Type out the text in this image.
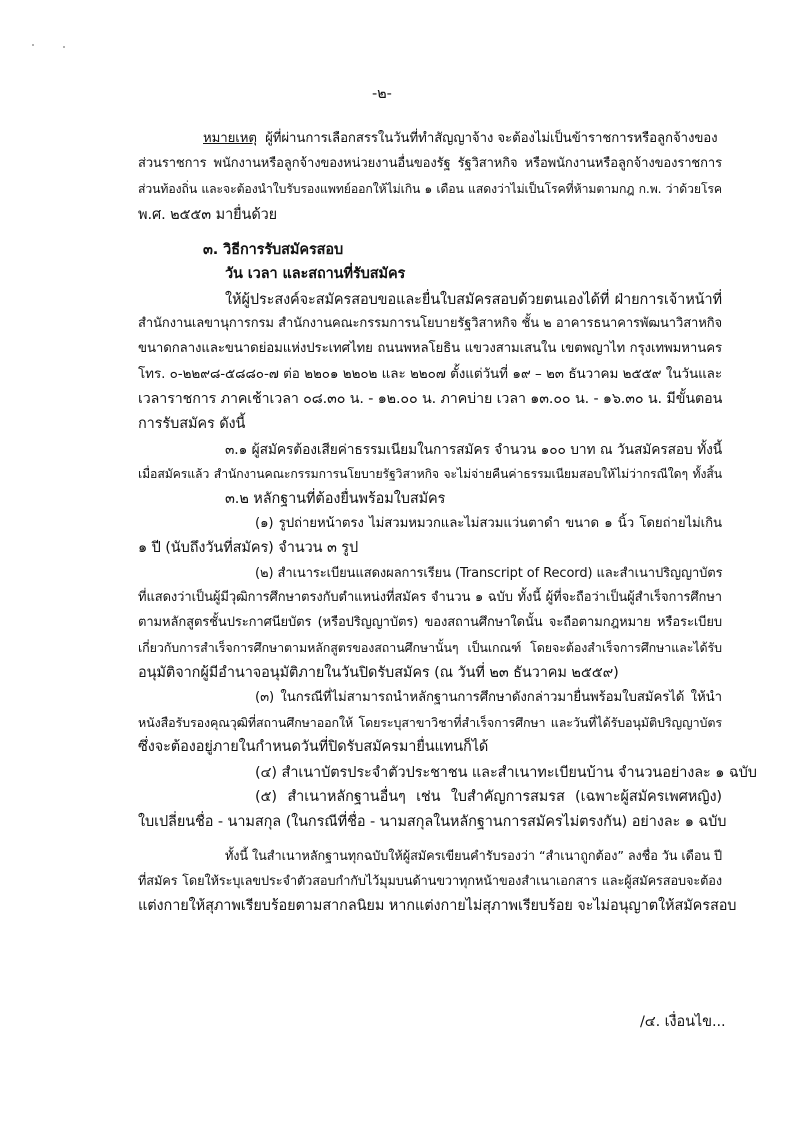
-๒-
หมายเหตุ ผู้ที่ผ่านการเลือกสรรในวันที่ทำสัญญาจ้าง จะต้องไม่เป็นข้าราชการหรือลูกจ้างของ
ส่วนราชการ พนักงานหรือลูกจ้างของหน่วยงานอื่นของรัฐ รัฐวิสาหกิจ หรือพนักงานหรือลูกจ้างของราชการ
ส่วนท้องถิ่น และจะต้องนำใบรับรองแพทย์ออกให้ไม่เกิน ๑ เดือน แสดงว่าไม่เป็นโรคที่ห้ามตามกฎ ก.พ. ว่าด้วยโรค
พ.ศ. ๒๕๕๓ มายื่นด้วย
๓. วิธีการรับสมัครสอบ
วัน เวลา และสถานที่รับสมัคร
ให้ผู้ประสงค์จะสมัครสอบขอและยื่นใบสมัครสอบด้วยตนเองได้ที่ ฝ่ายการเจ้าหน้าที่
สำนักงานเลขานุการกรม สำนักงานคณะกรรมการนโยบายรัฐวิสาหกิจ ชั้น ๒ อาคารธนาคารพัฒนาวิสาหกิจ
ขนาดกลางและขนาดย่อมแห่งประเทศไทย ถนนพหลโยธิน แขวงสามเสนใน เขตพญาไท กรุงเทพมหานคร
โทร. ๐-๒๒๙๘-๕๘๘๐-๗ ต่อ ๒๒๐๑ ๒๒๐๒ และ ๒๒๐๗ ตั้งแต่วันที่ ๑๙ – ๒๓ ธันวาคม ๒๕๕๙ ในวันและ
เวลาราชการ ภาคเช้าเวลา ๐๘.๓๐ น. - ๑๒.๐๐ น. ภาคบ่าย เวลา ๑๓.๐๐ น. - ๑๖.๓๐ น. มีขั้นตอน
การรับสมัคร ดังนี้
๓.๑ ผู้สมัครต้องเสียค่าธรรมเนียมในการสมัคร จำนวน ๑๐๐ บาท ณ วันสมัครสอบ ทั้งนี้
เมื่อสมัครแล้ว สำนักงานคณะกรรมการนโยบายรัฐวิสาหกิจ จะไม่จ่ายคืนค่าธรรมเนียมสอบให้ไม่ว่ากรณีใดๆ ทั้งสิ้น
๓.๒ หลักฐานที่ต้องยื่นพร้อมใบสมัคร
(๑) รูปถ่ายหน้าตรง ไม่สวมหมวกและไม่สวมแว่นตาดำ ขนาด ๑ นิ้ว โดยถ่ายไม่เกิน
๑ ปี (นับถึงวันที่สมัคร) จำนวน ๓ รูป
(๒) สำเนาระเบียนแสดงผลการเรียน (Transcript of Record) และสำเนาปริญญาบัตร
ที่แสดงว่าเป็นผู้มีวุฒิการศึกษาตรงกับตำแหน่งที่สมัคร จำนวน ๑ ฉบับ ทั้งนี้ ผู้ที่จะถือว่าเป็นผู้สำเร็จการศึกษา
ตามหลักสูตรชั้นประกาศนียบัตร (หรือปริญญาบัตร) ของสถานศึกษาใดนั้น จะถือตามกฎหมาย หรือระเบียบ
เกี่ยวกับการสำเร็จการศึกษาตามหลักสูตรของสถานศึกษานั้นๆ เป็นเกณฑ์ โดยจะต้องสำเร็จการศึกษาและได้รับ
อนุมัติจากผู้มีอำนาจอนุมัติภายในวันปิดรับสมัคร (ณ วันที่ ๒๓ ธันวาคม ๒๕๕๙)
(๓) ในกรณีที่ไม่สามารถนำหลักฐานการศึกษาดังกล่าวมายื่นพร้อมใบสมัครได้ ให้นำ
หนังสือรับรองคุณวุฒิที่สถานศึกษาออกให้ โดยระบุสาขาวิชาที่สำเร็จการศึกษา และวันที่ได้รับอนุมัติปริญญาบัตร
ซึ่งจะต้องอยู่ภายในกำหนดวันที่ปิดรับสมัครมายื่นแทนก็ได้
(๔) สำเนาบัตรประจำตัวประชาชน และสำเนาทะเบียนบ้าน จำนวนอย่างละ ๑ ฉบับ
(๕) สำเนาหลักฐานอื่นๆ เช่น ใบสำคัญการสมรส (เฉพาะผู้สมัครเพศหญิง)
ใบเปลี่ยนชื่อ - นามสกุล (ในกรณีที่ชื่อ - นามสกุลในหลักฐานการสมัครไม่ตรงกัน) อย่างละ ๑ ฉบับ
ทั้งนี้ ในสำเนาหลักฐานทุกฉบับให้ผู้สมัครเขียนคำรับรองว่า “สำเนาถูกต้อง” ลงชื่อ วัน เดือน ปี
ที่สมัคร โดยให้ระบุเลขประจำตัวสอบกำกับไว้มุมบนด้านขวาทุกหน้าของสำเนาเอกสาร และผู้สมัครสอบจะต้อง
แต่งกายให้สุภาพเรียบร้อยตามสากลนิยม หากแต่งกายไม่สุภาพเรียบร้อย จะไม่อนุญาตให้สมัครสอบ
/๔. เงื่อนไข...
